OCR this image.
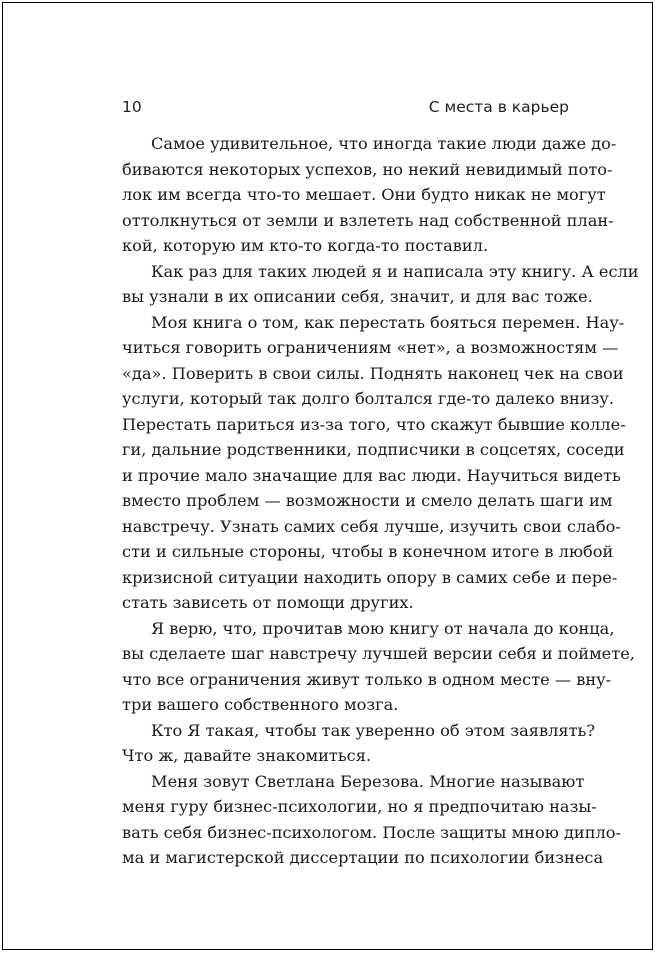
10	С места в карьер
Самое удивительное, что иногда такие люди даже до-
биваются некоторых успехов, но некий невидимый пото-
лок им всегда что-то мешает. Они будто никак не могут
оттолкнуться от земли и взлететь над собственной план-
кой, которую им кто-то когда-то поставил.
Как раз для таких людей я и написала эту книгу. А если
вы узнали в их описании себя, значит, и для вас тоже.
Моя книга о том, как перестать бояться перемен. Нау-
читься говорить ограничениям «нет», а возможностям —
«да». Поверить в свои силы. Поднять наконец чек на свои
услуги, который так долго болтался где-то далеко внизу.
Перестать париться из-за того, что скажут бывшие колле-
ги, дальние родственники, подписчики в соцсетях, соседи
и прочие мало значащие для вас люди. Научиться видеть
вместо проблем — возможности и смело делать шаги им
навстречу. Узнать самих себя лучше, изучить свои слабо-
сти и сильные стороны, чтобы в конечном итоге в любой
кризисной ситуации находить опору в самих себе и пере-
стать зависеть от помощи других.
Я верю, что, прочитав мою книгу от начала до конца,
вы сделаете шаг навстречу лучшей версии себя и поймете,
что все ограничения живут только в одном месте — вну-
три вашего собственного мозга.
Кто Я такая, чтобы так уверенно об этом заявлять?
Что ж, давайте знакомиться.
Меня зовут Светлана Березова. Многие называют
меня гуру бизнес-психологии, но я предпочитаю назы-
вать себя бизнес-психологом. После защиты мною дипло-
ма и магистерской диссертации по психологии бизнеса
